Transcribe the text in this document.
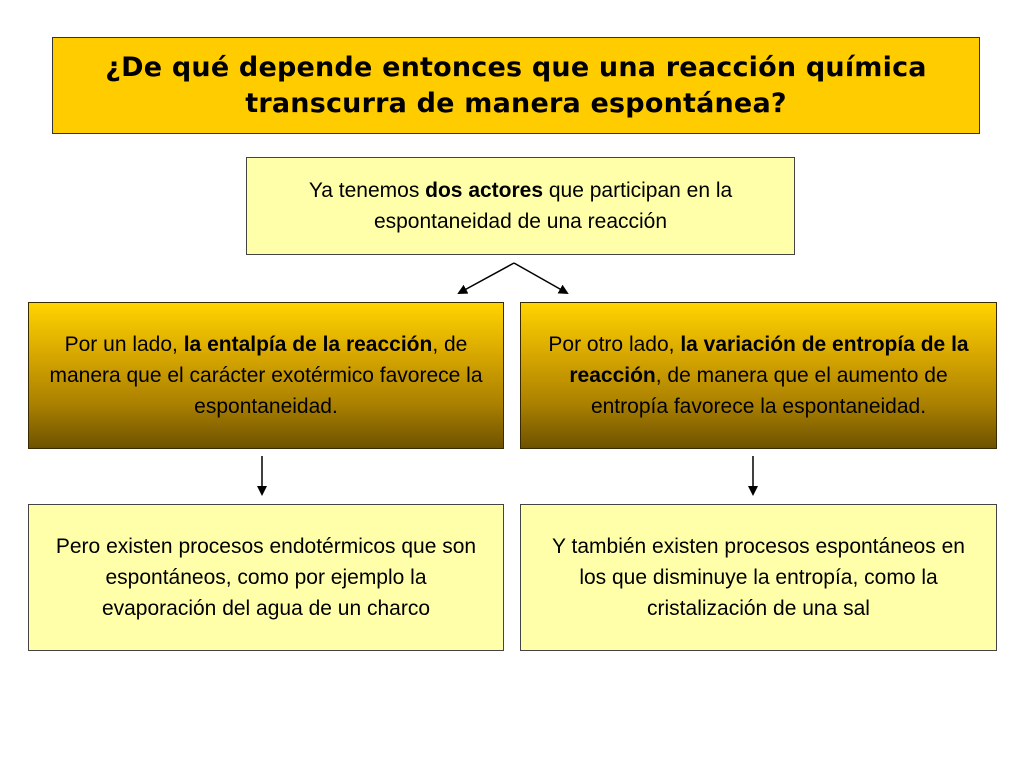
¿De qué depende entonces que una reacción química
transcurra de manera espontánea?
Ya tenemos dos actores que participan en la espontaneidad de una reacción
Por un lado, la entalpía de la reacción, de manera que el carácter exotérmico favorece la espontaneidad.
Por otro lado, la variación de entropía de la reacción, de manera que el aumento de entropía favorece la espontaneidad.
Pero existen procesos endotérmicos que son espontáneos, como por ejemplo la evaporación del agua de un charco
Y también existen procesos espontáneos en los que disminuye la entropía, como la cristalización de una sal
